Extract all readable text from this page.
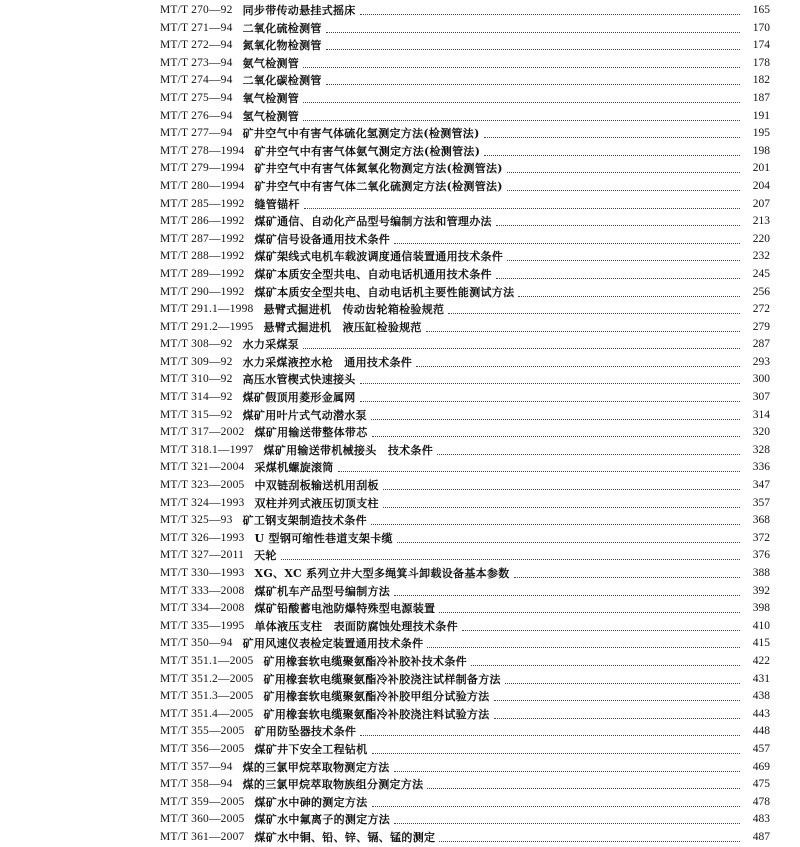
MT/T 270—92 同步带传动悬挂式摇床	165
MT/T 271—94 二氧化硫检测管	170
MT/T 272—94 氮氧化物检测管	174
MT/T 273—94 氨气检测管	178
MT/T 274—94 二氧化碳检测管	182
MT/T 275—94 氧气检测管	187
MT/T 276—94 氢气检测管	191
MT/T 277—94 矿井空气中有害气体硫化氢测定方法(检测管法)	195
MT/T 278—1994 矿井空气中有害气体氨气测定方法(检测管法)	198
MT/T 279—1994 矿井空气中有害气体氮氧化物测定方法(检测管法)	201
MT/T 280—1994 矿井空气中有害气体二氧化硫测定方法(检测管法)	204
MT/T 285—1992 缝管锚杆	207
MT/T 286—1992 煤矿通信、自动化产品型号编制方法和管理办法	213
MT/T 287—1992 煤矿信号设备通用技术条件	220
MT/T 288—1992 煤矿架线式电机车载波调度通信装置通用技术条件	232
MT/T 289—1992 煤矿本质安全型共电、自动电话机通用技术条件	245
MT/T 290—1992 煤矿本质安全型共电、自动电话机主要性能测试方法	256
MT/T 291.1—1998 悬臂式掘进机　传动齿轮箱检验规范	272
MT/T 291.2—1995 悬臂式掘进机　液压缸检验规范	279
MT/T 308—92 水力采煤泵	287
MT/T 309—92 水力采煤液控水枪　通用技术条件	293
MT/T 310—92 高压水管楔式快速接头	300
MT/T 314—92 煤矿假顶用菱形金属网	307
MT/T 315—92 煤矿用叶片式气动潜水泵	314
MT/T 317—2002 煤矿用输送带整体带芯	320
MT/T 318.1—1997 煤矿用输送带机械接头　技术条件	328
MT/T 321—2004 采煤机螺旋滚筒	336
MT/T 323—2005 中双链刮板输送机用刮板	347
MT/T 324—1993 双柱并列式液压切顶支柱	357
MT/T 325—93 矿工钢支架制造技术条件	368
MT/T 326—1993 U 型钢可缩性巷道支架卡缆	372
MT/T 327—2011 天轮	376
MT/T 330—1993 XG、XC 系列立井大型多绳箕斗卸载设备基本参数	388
MT/T 333—2008 煤矿机车产品型号编制方法	392
MT/T 334—2008 煤矿铅酸蓄电池防爆特殊型电源装置	398
MT/T 335—1995 单体液压支柱　表面防腐蚀处理技术条件	410
MT/T 350—94 矿用风速仪表检定装置通用技术条件	415
MT/T 351.1—2005 矿用橡套软电缆聚氨酯冷补胶补技术条件	422
MT/T 351.2—2005 矿用橡套软电缆聚氨酯冷补胶浇注试样制备方法	431
MT/T 351.3—2005 矿用橡套软电缆聚氨酯冷补胶甲组分试验方法	438
MT/T 351.4—2005 矿用橡套软电缆聚氨酯冷补胶浇注料试验方法	443
MT/T 355—2005 矿用防坠器技术条件	448
MT/T 356—2005 煤矿井下安全工程钻机	457
MT/T 357—94 煤的三氯甲烷萃取物测定方法	469
MT/T 358—94 煤的三氯甲烷萃取物族组分测定方法	475
MT/T 359—2005 煤矿水中砷的测定方法	478
MT/T 360—2005 煤矿水中氟离子的测定方法	483
MT/T 361—2007 煤矿水中铜、铅、锌、镉、锰的测定	487
